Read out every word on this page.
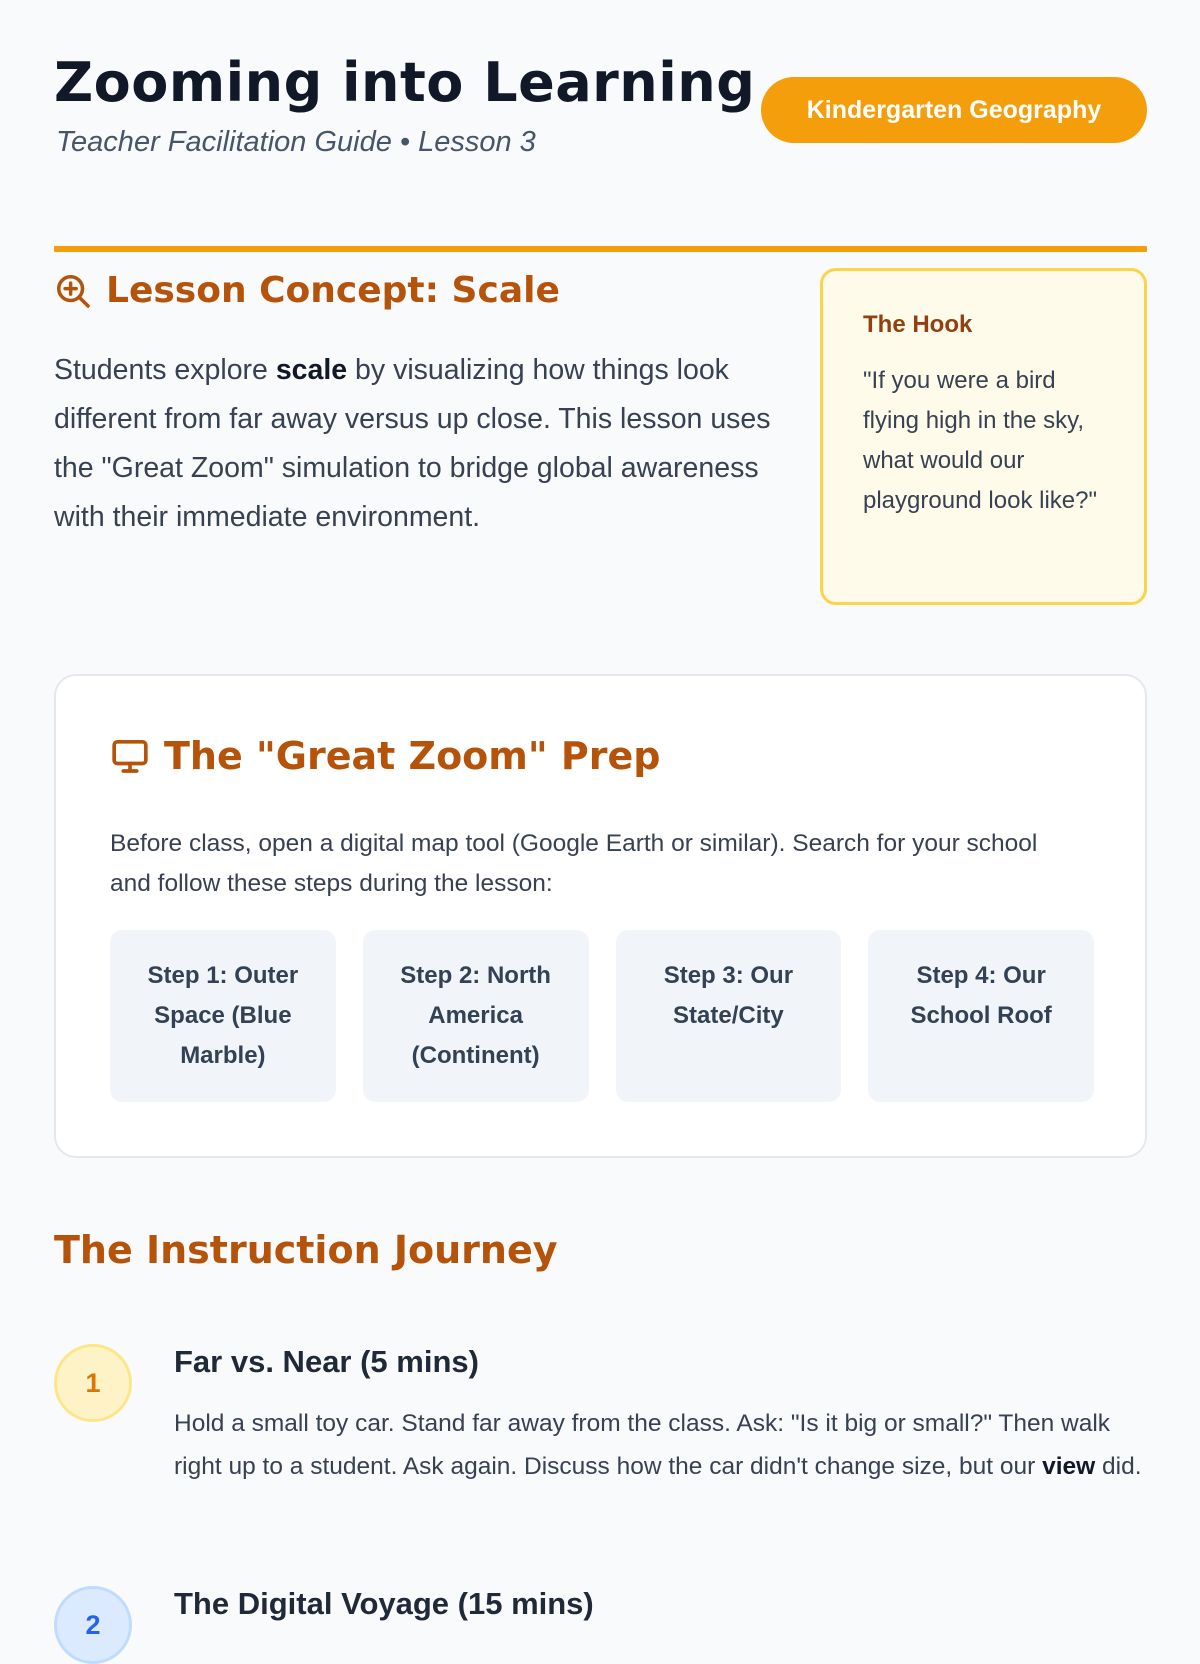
Zooming into Learning

Teacher Facilitation Guide • Lesson 3

Kindergarten Geography
Lesson Concept: Scale

Students explore scale by visualizing how things look different from far away versus up close. This lesson uses the "Great Zoom" simulation to bridge global awareness with their immediate environment.

The Hook

"If you were a bird flying high in the sky, what would our playground look like?"

The "Great Zoom" Prep

Before class, open a digital map tool (Google Earth or similar). Search for your school and follow these steps during the lesson:

Step 1: Outer Space (Blue Marble)
Step 2: North America (Continent)
Step 3: Our State/City
Step 4: Our School Roof
The Instruction Journey
1

Far vs. Near (5 mins)

Hold a small toy car. Stand far away from the class. Ask: "Is it big or small?" Then walk right up to a student. Ask again. Discuss how the car didn't change size, but our view did.

2

The Digital Voyage (15 mins)
